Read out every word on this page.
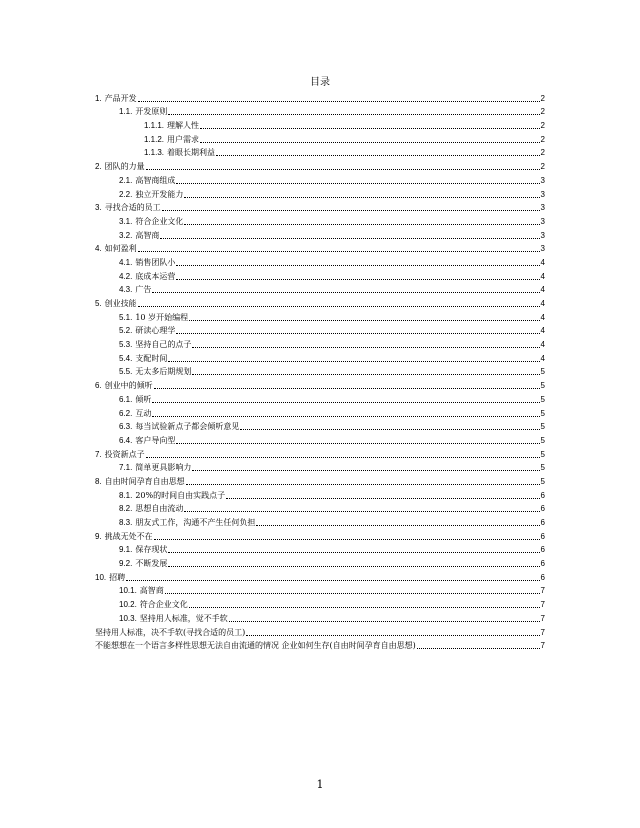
目录
1. 产品开发	2
1.1. 开发原则	2
1.1.1. 理解人性	2
1.1.2. 用户需求	2
1.1.3. 着眼长期利益	2
2. 团队的力量	2
2.1. 高智商组成	3
2.2. 独立开发能力	3
3. 寻找合适的员工	3
3.1. 符合企业文化	3
3.2. 高智商	3
4. 如何盈利	3
4.1. 销售团队小	4
4.2. 底成本运营	4
4.3. 广告	4
5. 创业技能	4
5.1. 10 岁开始编程	4
5.2. 研读心理学	4
5.3. 坚持自己的点子	4
5.4. 支配时间	4
5.5. 无太多后期规划	5
6. 创业中的倾听	5
6.1. 倾听	5
6.2. 互动	5
6.3. 每当试验新点子都会倾听意见	5
6.4. 客户导向型	5
7. 投资新点子	5
7.1. 简单更具影响力	5
8. 自由时间孕育自由思想	5
8.1. 20%的时间自由实践点子	6
8.2. 思想自由流动	6
8.3. 朋友式工作，沟通不产生任何负担	6
9. 挑战无处不在	6
9.1. 保存现状	6
9.2. 不断发展	6
10. 招聘	6
10.1. 高智商	7
10.2. 符合企业文化	7
10.3. 坚持用人标准，觉不手软	7
坚持用人标准，决不手软(寻找合适的员工)	7
不能想想在一个语言多样性思想无法自由流通的情况 企业如何生存(自由时间孕育自由思想)	7
1
